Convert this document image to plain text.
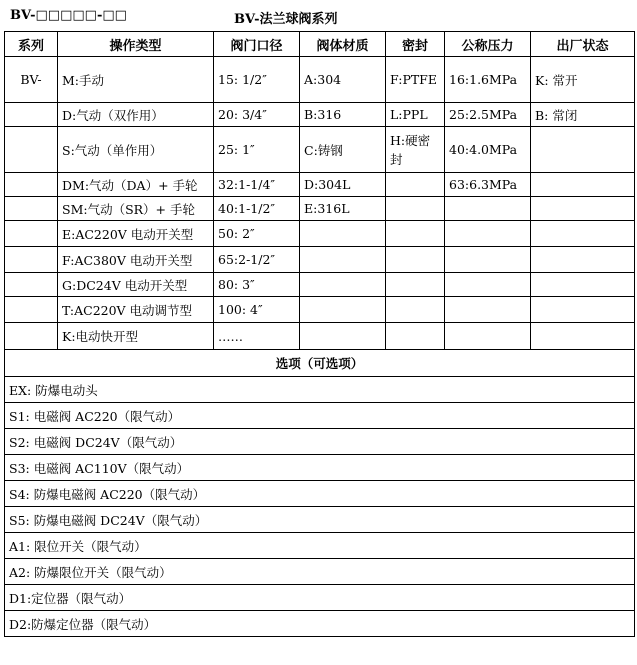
BV-□□□□□-□□	BV-法兰球阀系列
系列	操作类型	阀门口径	阀体材质	密封	公称压力	出厂状态
BV-	M:手动	15: 1/2″	A:304	F:PTFE	16:1.6MPa	K: 常开
	D:气动（双作用）	20: 3/4″	B:316	L:PPL	25:2.5MPa	B: 常闭
	S:气动（单作用）	25: 1″	C:铸钢	H:硬密封	40:4.0MPa	
	DM:气动（DA）+ 手轮	32:1-1/4″	D:304L		63:6.3MPa	
	SM:气动（SR）+ 手轮	40:1-1/2″	E:316L			
	E:AC220V 电动开关型	50: 2″				
	F:AC380V 电动开关型	65:2-1/2″				
	G:DC24V 电动开关型	80: 3″				
	T:AC220V 电动调节型	100: 4″				
	K:电动快开型	……				
选项（可选项）						
EX: 防爆电动头						
S1: 电磁阀 AC220（限气动）						
S2: 电磁阀 DC24V（限气动）						
S3: 电磁阀 AC110V（限气动）						
S4: 防爆电磁阀 AC220（限气动）						
S5: 防爆电磁阀 DC24V（限气动）						
A1: 限位开关（限气动）						
A2: 防爆限位开关（限气动）						
D1:定位器（限气动）						
D2:防爆定位器（限气动）						
